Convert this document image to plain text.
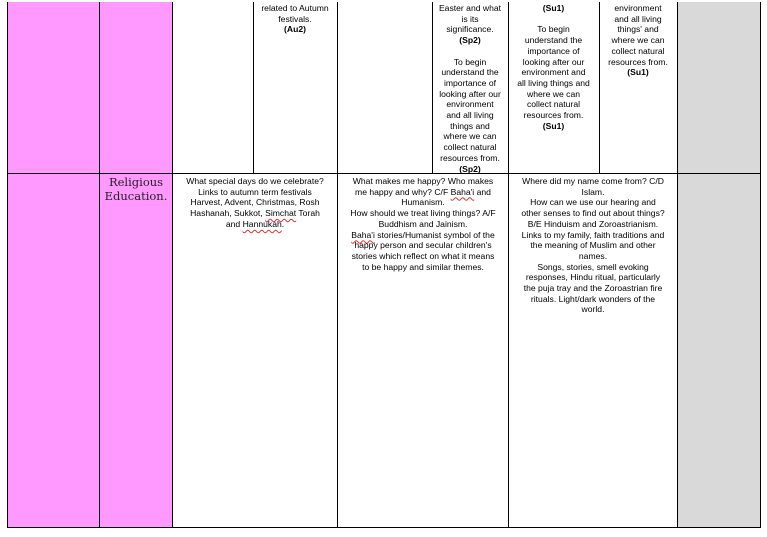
related to Autumn

festivals.

(Au2)

Easter and what

is its

significance.

(Sp2)

To begin

understand the

importance of

looking after our

environment

and all living

things and

where we can

collect natural

resources from.

(Sp2)

(Su1)

To begin

understand the

importance of

looking after our

environment and

all living things and

where we can

collect natural

resources from.

(Su1)

environment

and all living

things' and

where we can

collect natural

resources from.

(Su1)

Religious
Education.

What special days do we celebrate?

Links to autumn term festivals

Harvest, Advent, Christmas, Rosh

Hashanah, Sukkot, Simchat Torah

and Hannukah.

What makes me happy? Who makes

me happy and why? C/F Baha'i and

Humanism.

How should we treat living things? A/F

Buddhism and Jainism.

Baha'i stories/Humanist symbol of the

happy person and secular children's

stories which reflect on what it means

to be happy and similar themes.

Where did my name come from? C/D

Islam.

How can we use our hearing and

other senses to find out about things?

B/E Hinduism and Zoroastrianism.

Links to my family, faith traditions and

the meaning of Muslim and other

names.

Songs, stories, smell evoking

responses, Hindu ritual, particularly

the puja tray and the Zoroastrian fire

rituals. Light/dark wonders of the

world.
